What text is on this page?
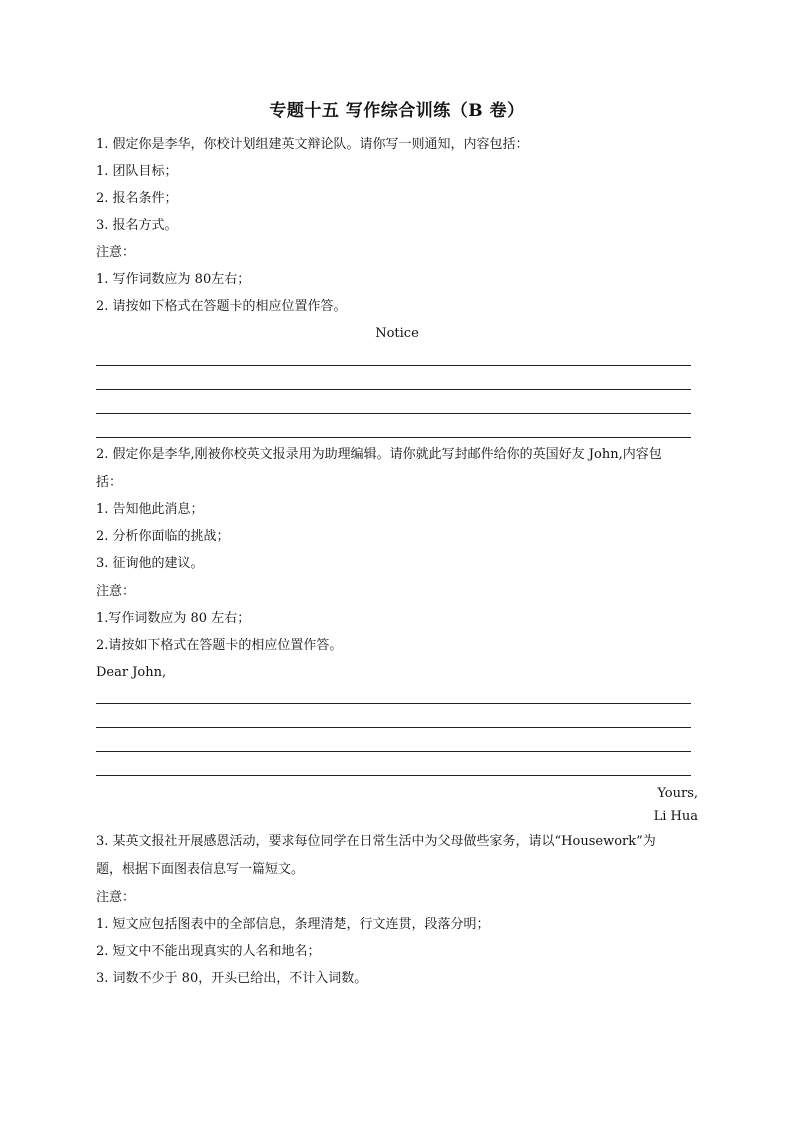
专题十五 写作综合训练（B 卷）
1. 假定你是李华，你校计划组建英文辩论队。请你写一则通知，内容包括：
1. 团队目标；
2. 报名条件；
3. 报名方式。
注意：
1. 写作词数应为 80左右；
2. 请按如下格式在答题卡的相应位置作答。
Notice
2. 假定你是李华,刚被你校英文报录用为助理编辑。请你就此写封邮件给你的英国好友 John,内容包
括：
1. 告知他此消息；
2. 分析你面临的挑战；
3. 征询他的建议。
注意：
1.写作词数应为 80 左右；
2.请按如下格式在答题卡的相应位置作答。
Dear John,
Yours,
Li Hua
3. 某英文报社开展感恩活动，要求每位同学在日常生活中为父母做些家务，请以“Housework”为
题，根据下面图表信息写一篇短文。
注意：
1. 短文应包括图表中的全部信息，条理清楚，行文连贯，段落分明；
2. 短文中不能出现真实的人名和地名；
3. 词数不少于 80，开头已给出，不计入词数。
